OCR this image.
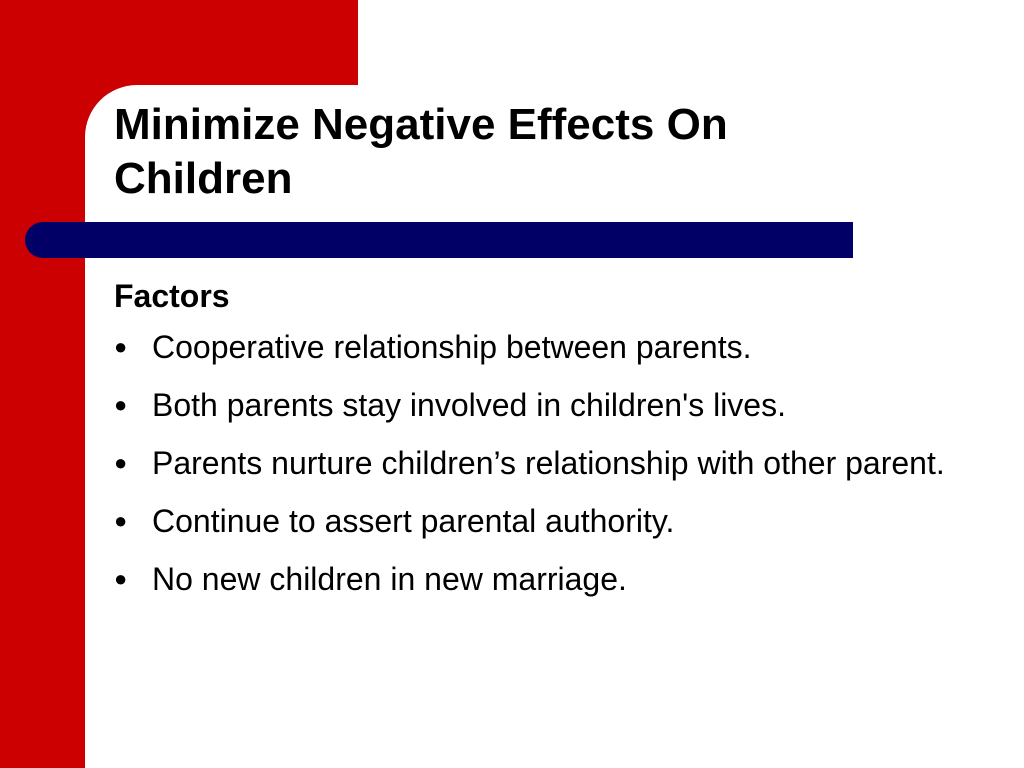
Minimize Negative Effects On Children
Factors
● Cooperative relationship between parents.
● Both parents stay involved in children's lives.
● Parents nurture children’s relationship with other parent.
● Continue to assert parental authority.
● No new children in new marriage.
